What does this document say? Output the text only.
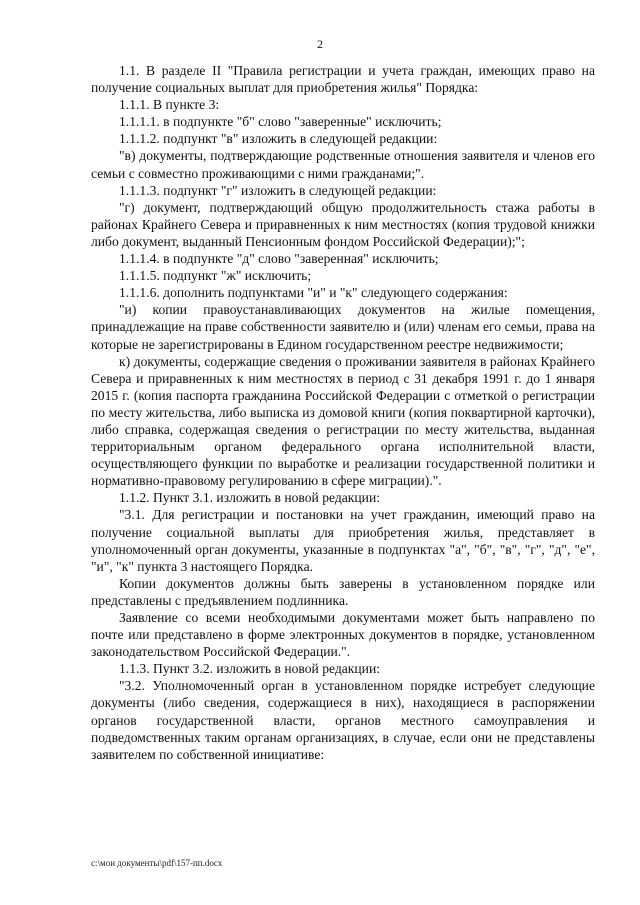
2

1.1. В разделе II "Правила регистрации и учета граждан, имеющих право на получение социальных выплат для приобретения жилья" Порядка:

1.1.1. В пункте 3:

1.1.1.1. в подпункте "б" слово "заверенные" исключить;

1.1.1.2. подпункт "в" изложить в следующей редакции:

"в) документы, подтверждающие родственные отношения заявителя и членов его семьи с совместно проживающими с ними гражданами;".

1.1.1.3. подпункт "г" изложить в следующей редакции:

"г) документ, подтверждающий общую продолжительность стажа работы в районах Крайнего Севера и приравненных к ним местностях (копия трудовой книжки либо документ, выданный Пенсионным фондом Российской Федерации);";

1.1.1.4. в подпункте "д" слово "заверенная" исключить;

1.1.1.5. подпункт "ж" исключить;

1.1.1.6. дополнить подпунктами "и" и "к" следующего содержания:

"и) копии правоустанавливающих документов на жилые помещения, принадлежащие на праве собственности заявителю и (или) членам его семьи, права на которые не зарегистрированы в Едином государственном реестре недвижимости;

к) документы, содержащие сведения о проживании заявителя в районах Крайнего Севера и приравненных к ним местностях в период с 31 декабря 1991 г. до 1 января 2015 г. (копия паспорта гражданина Российской Федерации с отметкой о регистрации по месту жительства, либо выписка из домовой книги (копия поквартирной карточки), либо справка, содержащая сведения о регистрации по месту жительства, выданная территориальным органом федерального органа исполнительной власти, осуществляющего функции по выработке и реализации государственной политики и нормативно-правовому регулированию в сфере миграции).".

1.1.2. Пункт 3.1. изложить в новой редакции:

"3.1. Для регистрации и постановки на учет гражданин, имеющий право на получение социальной выплаты для приобретения жилья, представляет в уполномоченный орган документы, указанные в подпунктах "а", "б", "в", "г", "д", "е", "и", "к" пункта 3 настоящего Порядка.

Копии документов должны быть заверены в установленном порядке или представлены с предъявлением подлинника.

Заявление со всеми необходимыми документами может быть направлено по почте или представлено в форме электронных документов в порядке, установленном законодательством Российской Федерации.".

1.1.3. Пункт 3.2. изложить в новой редакции:

"3.2. Уполномоченный орган в установленном порядке истребует следующие документы (либо сведения, содержащиеся в них), находящиеся в распоряжении органов государственной власти, органов местного самоуправления и подведомственных таким органам организациях, в случае, если они не представлены заявителем по собственной инициативе:

c:\мои документы\pdf\157-пп.docx
